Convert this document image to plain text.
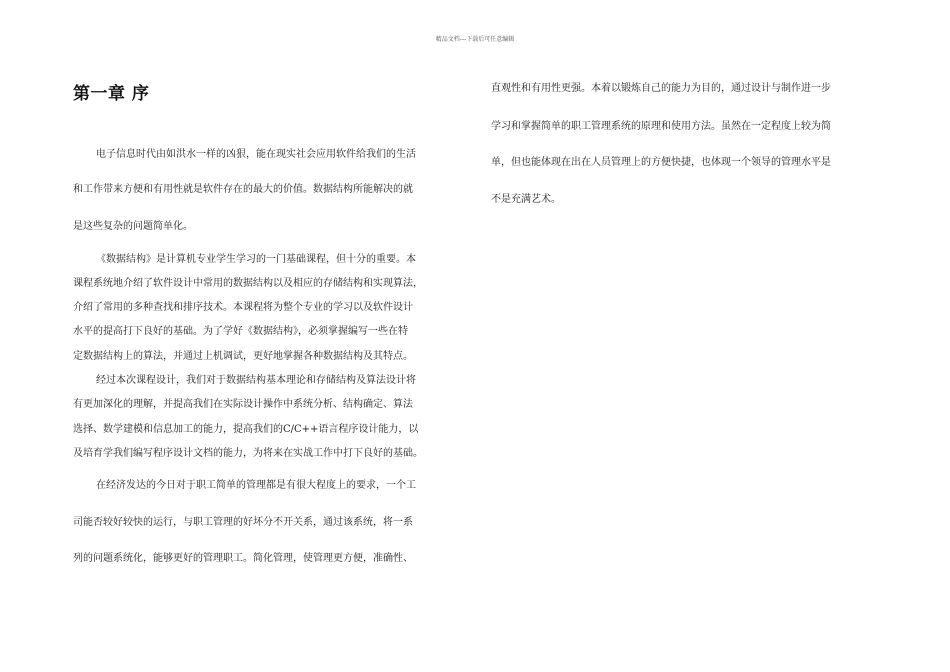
精品文档---下载后可任意编辑
第一章 序
电子信息时代由如洪水一样的凶狠，能在现实社会应用软件给我们的生活
和工作带来方便和有用性就是软件存在的最大的价值。数据结构所能解决的就
是这些复杂的问题简单化。
《数据结构》是计算机专业学生学习的一门基础课程，但十分的重要。本
课程系统地介绍了软件设计中常用的数据结构以及相应的存储结构和实现算法，
介绍了常用的多种查找和排序技术。本课程将为整个专业的学习以及软件设计
水平的提高打下良好的基础。为了学好《数据结构》，必须掌握编写一些在特
定数据结构上的算法，并通过上机调试，更好地掌握各种数据结构及其特点。
经过本次课程设计，我们对于数据结构基本理论和存储结构及算法设计将
有更加深化的理解，并提高我们在实际设计操作中系统分析、结构确定、算法
选择、数学建模和信息加工的能力，提高我们的C/C++语言程序设计能力，以
及培育学我们编写程序设计文档的能力，为将来在实战工作中打下良好的基础。
在经济发达的今日对于职工简单的管理都是有很大程度上的要求，一个工
司能否较好较快的运行，与职工管理的好坏分不开关系，通过该系统，将一系
列的问题系统化，能够更好的管理职工。简化管理，使管理更方便，准确性、
直观性和有用性更强。本着以锻炼自己的能力为目的，通过设计与制作进一步
学习和掌握简单的职工管理系统的原理和使用方法。虽然在一定程度上较为简
单，但也能体现在出在人员管理上的方便快捷，也体现一个领导的管理水平是
不是充满艺术。
